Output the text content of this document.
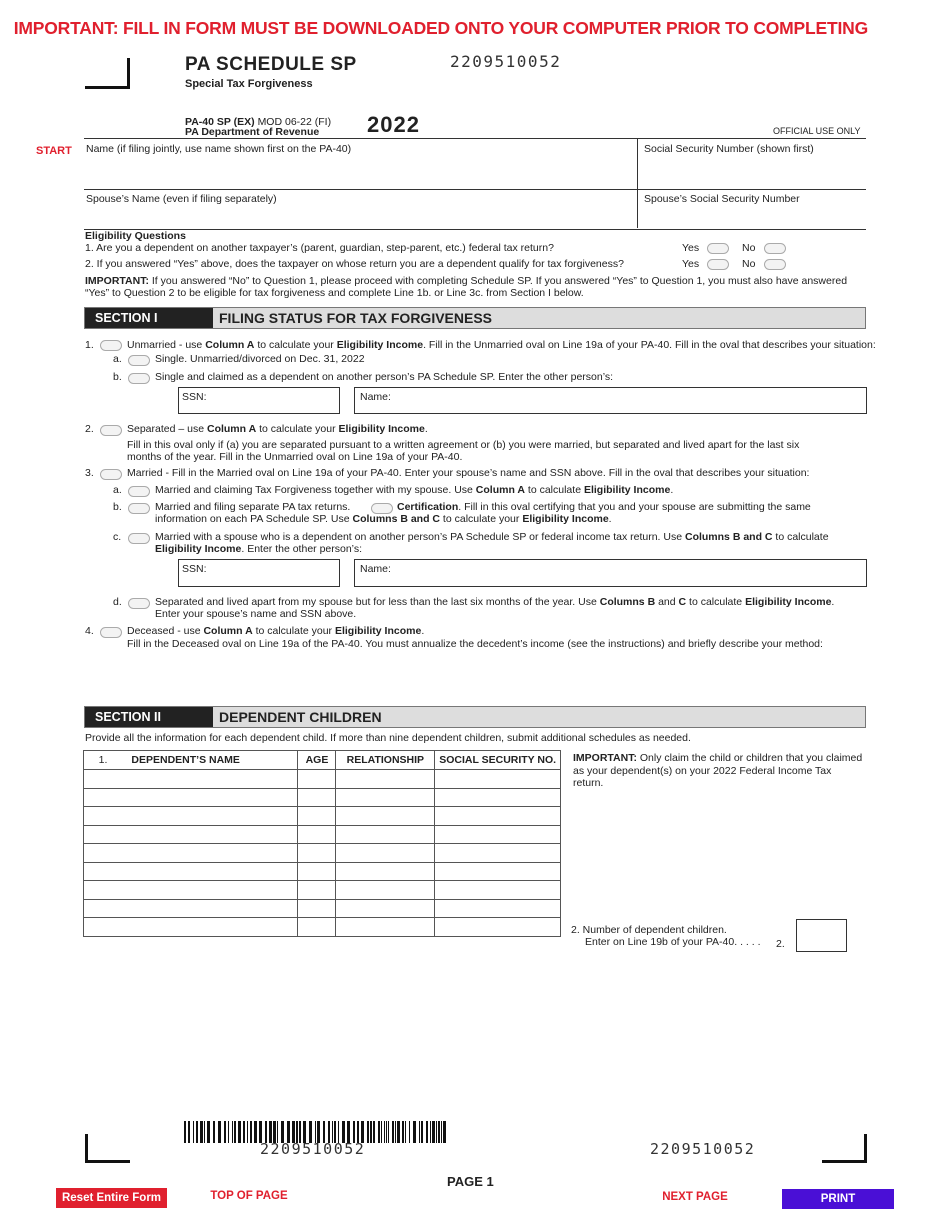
IMPORTANT: FILL IN FORM MUST BE DOWNLOADED ONTO YOUR COMPUTER PRIOR TO COMPLETING
PA SCHEDULE SP
Special Tax Forgiveness
2209510052
PA-40 SP (EX) MOD 06-22 (FI)
PA Department of Revenue	2022	OFFICIAL USE ONLY
START Name (if filing jointly, use name shown first on the PA-40)	Social Security Number (shown first)
Spouse’s Name (even if filing separately)	Spouse’s Social Security Number
Eligibility Questions
1. Are you a dependent on another taxpayer’s (parent, guardian, step-parent, etc.) federal tax return?	Yes	No
2. If you answered “Yes” above, does the taxpayer on whose return you are a dependent qualify for tax forgiveness?	Yes	No
IMPORTANT: If you answered “No” to Question 1, please proceed with completing Schedule SP. If you answered “Yes” to Question 1, you must also have answered “Yes” to Question 2 to be eligible for tax forgiveness and complete Line 1b. or Line 3c. from Section I below.
SECTION I	FILING STATUS FOR TAX FORGIVENESS
1.	Unmarried - use Column A to calculate your Eligibility Income. Fill in the Unmarried oval on Line 19a of your PA-40. Fill in the oval that describes your situation:
a.	Single. Unmarried/divorced on Dec. 31, 2022
b.	Single and claimed as a dependent on another person’s PA Schedule SP. Enter the other person’s:
SSN:	Name:
2.	Separated – use Column A to calculate your Eligibility Income.
Fill in this oval only if (a) you are separated pursuant to a written agreement or (b) you were married, but separated and lived apart for the last six months of the year. Fill in the Unmarried oval on Line 19a of your PA-40.
3.	Married - Fill in the Married oval on Line 19a of your PA-40. Enter your spouse’s name and SSN above. Fill in the oval that describes your situation:
a.	Married and claiming Tax Forgiveness together with my spouse. Use Column A to calculate Eligibility Income.
b.	Married and filing separate PA tax returns.	Certification. Fill in this oval certifying that you and your spouse are submitting the same information on each PA Schedule SP. Use Columns B and C to calculate your Eligibility Income.
c.	Married with a spouse who is a dependent on another person’s PA Schedule SP or federal income tax return. Use Columns B and C to calculate Eligibility Income. Enter the other person’s:
SSN:	Name:
d.	Separated and lived apart from my spouse but for less than the last six months of the year. Use Columns B and C to calculate Eligibility Income. Enter your spouse’s name and SSN above.
4.	Deceased - use Column A to calculate your Eligibility Income.
Fill in the Deceased oval on Line 19a of the PA-40. You must annualize the decedent’s income (see the instructions) and briefly describe your method:
SECTION II	DEPENDENT CHILDREN
Provide all the information for each dependent child. If more than nine dependent children, submit additional schedules as needed.
1.	DEPENDENT’S NAME	AGE	RELATIONSHIP	SOCIAL SECURITY NO.

			IMPORTANT: Only claim the child or children that you claimed as your dependent(s) on your 2022 Federal Income Tax return.
2. Number of dependent children.
Enter on Line 19b of your PA-40. . . . . 2.
2209510052	2209510052
PAGE 1
Reset Entire Form	TOP OF PAGE	NEXT PAGE	PRINT
